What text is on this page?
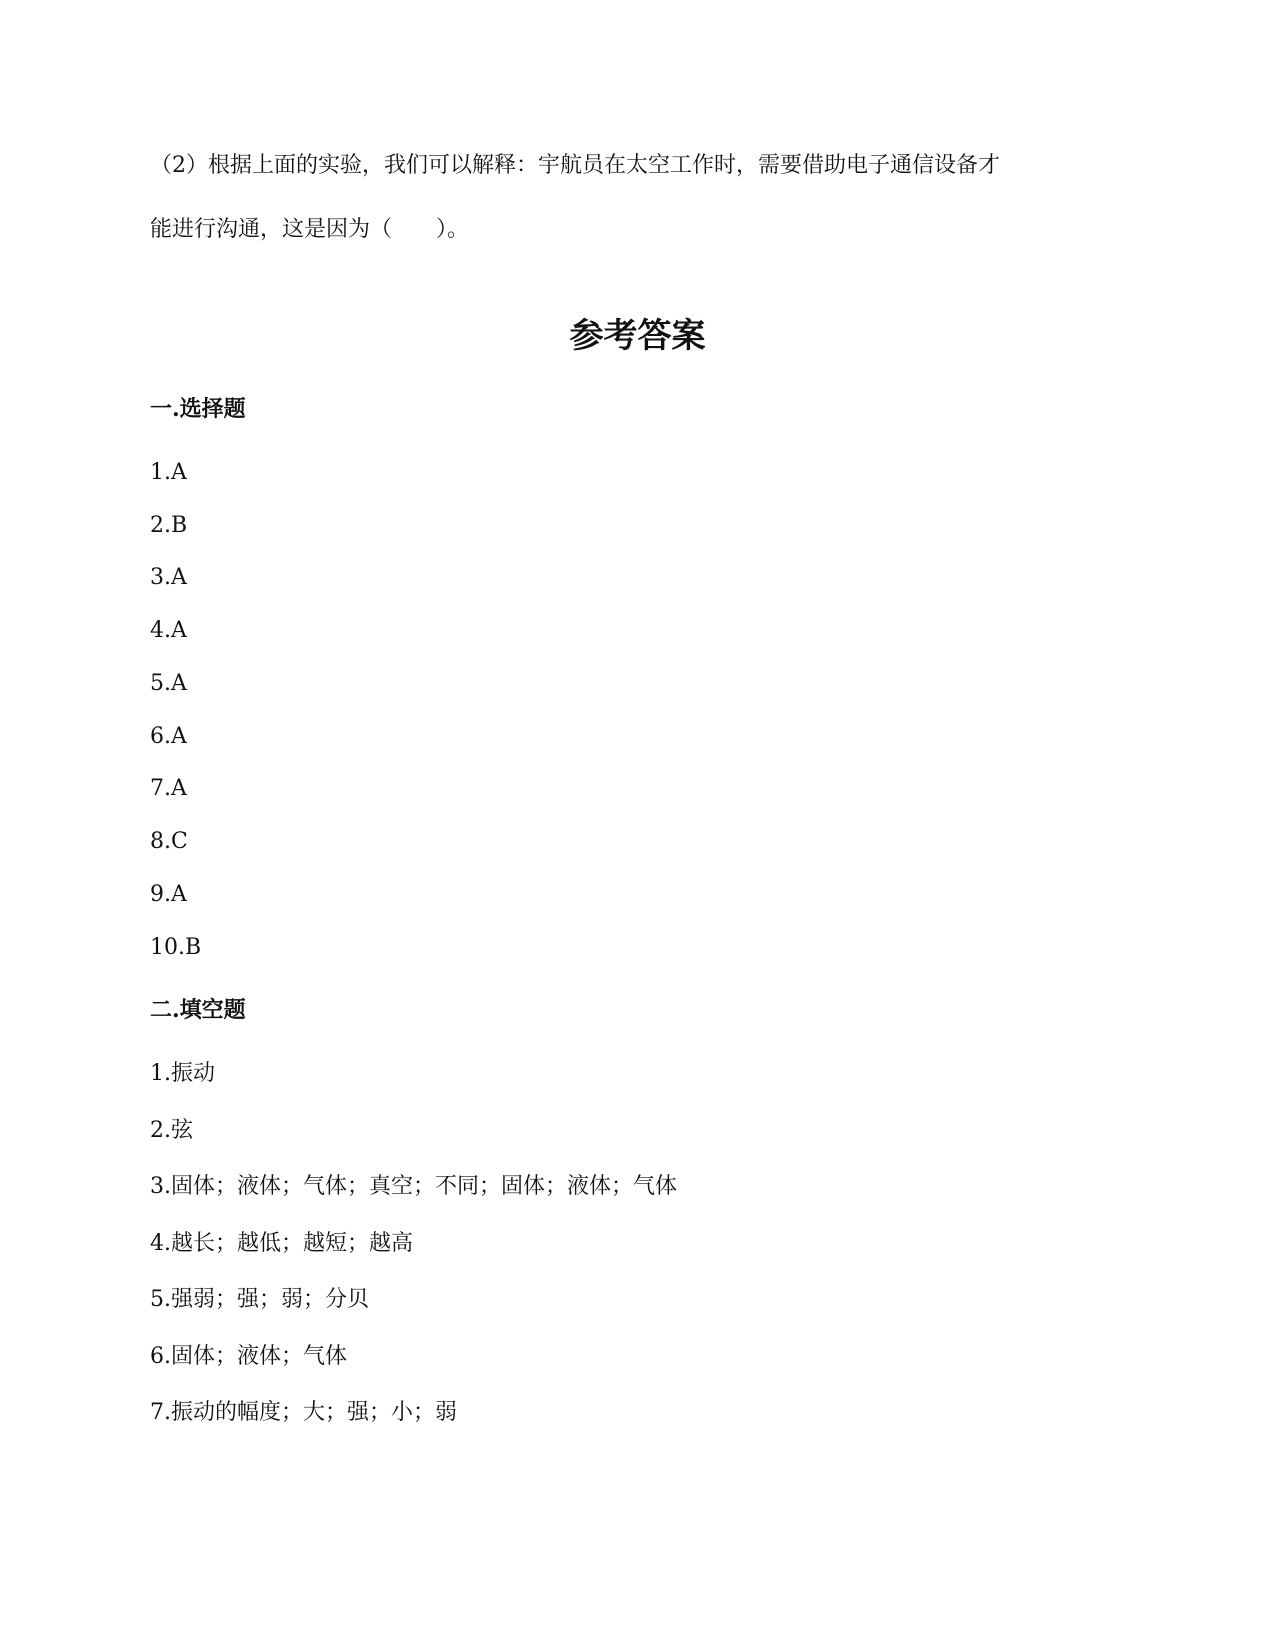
（2）根据上面的实验，我们可以解释：宇航员在太空工作时，需要借助电子通信设备才
能进行沟通，这是因为（　　）。
参考答案
一.选择题
1.A
2.B
3.A
4.A
5.A
6.A
7.A
8.C
9.A
10.B
二.填空题
1.振动
2.弦
3.固体；液体；气体；真空；不同；固体；液体；气体
4.越长；越低；越短；越高
5.强弱；强；弱；分贝
6.固体；液体；气体
7.振动的幅度；大；强；小；弱
